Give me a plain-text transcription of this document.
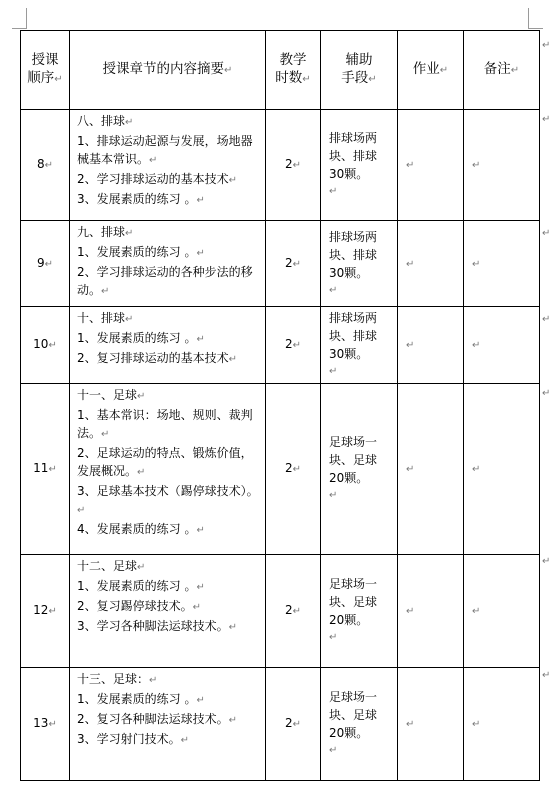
授课
顺序↵	授课章节的内容摘要↵	教学
时数↵	辅助
手段↵	作业↵	备注↵
8↵	八、排球↵
1、排球运动起源与发展，场地器械基本常识。↵
2、学习排球运动的基本技术↵
3、发展素质的练习 。↵	2↵	排球场两
块、排球
30颗。
↵	↵	↵
9↵	九、排球↵
1、发展素质的练习 。↵
2、学习排球运动的各种步法的移动。↵	2↵	排球场两
块、排球
30颗。
↵	↵	↵
10↵	十、排球↵
1、发展素质的练习 。↵
2、复习排球运动的基本技术↵	2↵	排球场两
块、排球
30颗。
↵	↵	↵
11↵	十一、足球↵
1、基本常识：场地、规则、裁判法。↵
2、足球运动的特点、锻炼价值，发展概况。↵
3、足球基本技术（踢停球技术）。↵
4、发展素质的练习 。↵	2↵	足球场一
块、足球
20颗。
↵	↵	↵
12↵	十二、足球↵
1、发展素质的练习 。↵
2、复习踢停球技术。↵
3、学习各种脚法运球技术。↵	2↵	足球场一
块、足球
20颗。
↵	↵	↵
13↵	十三、足球：↵
1、发展素质的练习 。↵
2、复习各种脚法运球技术。↵
3、学习射门技术。↵	2↵	足球场一
块、足球
20颗。
↵	↵	↵
↵
↵
↵
↵
↵
↵
↵
